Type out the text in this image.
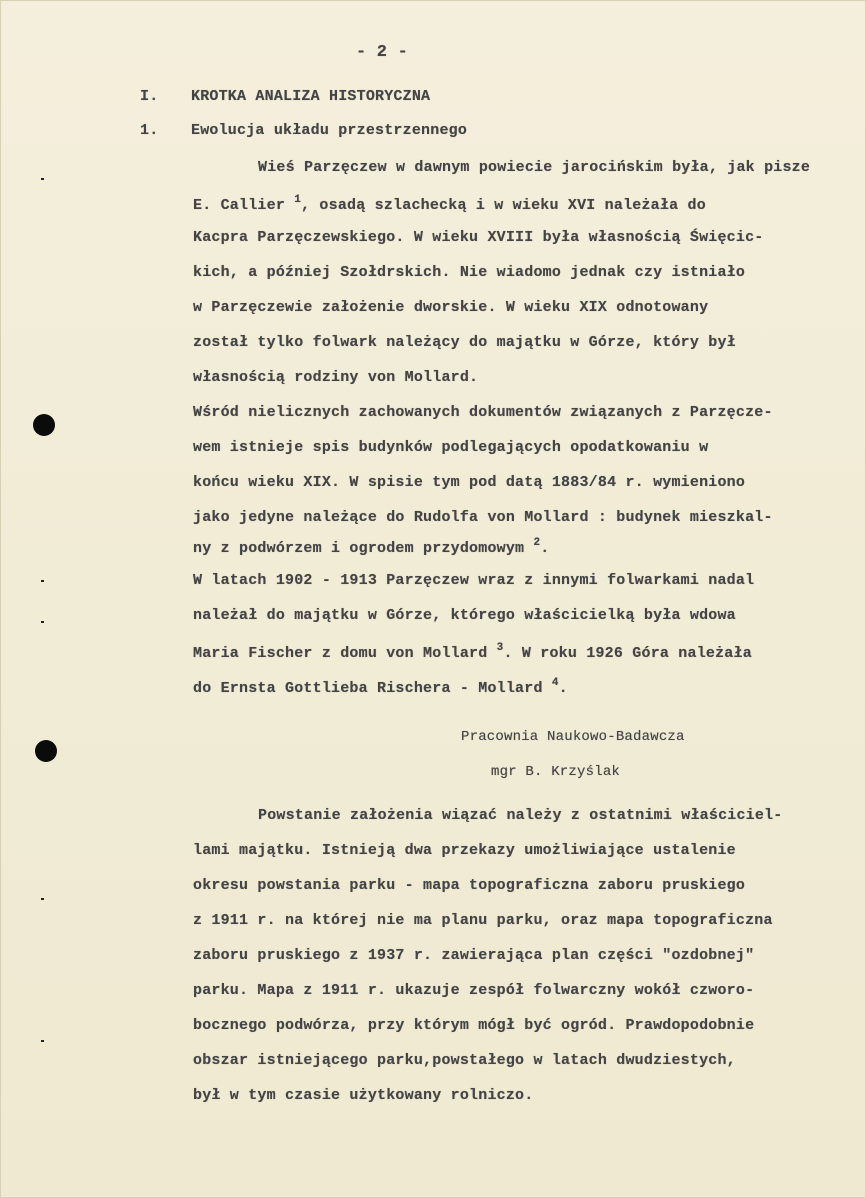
- 2 -
I. KROTKA ANALIZA HISTORYCZNA
1. Ewolucja układu przestrzennego
Wieś Parzęczew w dawnym powiecie jarocińskim była, jak pisze
E. Callier $^1$, osadą szlachecką i w wieku XVI należała do
Kacpra Parzęczewskiego. W wieku XVIII była własnością Święcic-
kich, a później Szołdrskich. Nie wiadomo jednak czy istniało
w Parzęczewie założenie dworskie. W wieku XIX odnotowany
został tylko folwark należący do majątku w Górze, który był
własnością rodziny von Mollard.
Wśród nielicznych zachowanych dokumentów związanych z Parzęcze-
wem istnieje spis budynków podlegających opodatkowaniu w
końcu wieku XIX. W spisie tym pod datą 1883/84 r. wymieniono
jako jedyne należące do Rudolfa von Mollard : budynek mieszkal-
ny z podwórzem i ogrodem przydomowym $^2$.
W latach 1902 - 1913 Parzęczew wraz z innymi folwarkami nadal
należał do majątku w Górze, którego właścicielką była wdowa
Maria Fischer z domu von Mollard $^3$. W roku 1926 Góra należała
do Ernsta Gottlieba Rischera - Mollard $^4$.
Pracownia Naukowo-Badawcza
mgr B. Krzyślak
Powstanie założenia wiązać należy z ostatnimi właściciel-
lami majątku. Istnieją dwa przekazy umożliwiające ustalenie
okresu powstania parku - mapa topograficzna zaboru pruskiego
z 1911 r. na której nie ma planu parku, oraz mapa topograficzna
zaboru pruskiego z 1937 r. zawierająca plan części "ozdobnej"
parku. Mapa z 1911 r. ukazuje zespół folwarczny wokół czworo-
bocznego podwórza, przy którym mógł być ogród. Prawdopodobnie
obszar istniejącego parku,powstałego w latach dwudziestych,
był w tym czasie użytkowany rolniczo.
